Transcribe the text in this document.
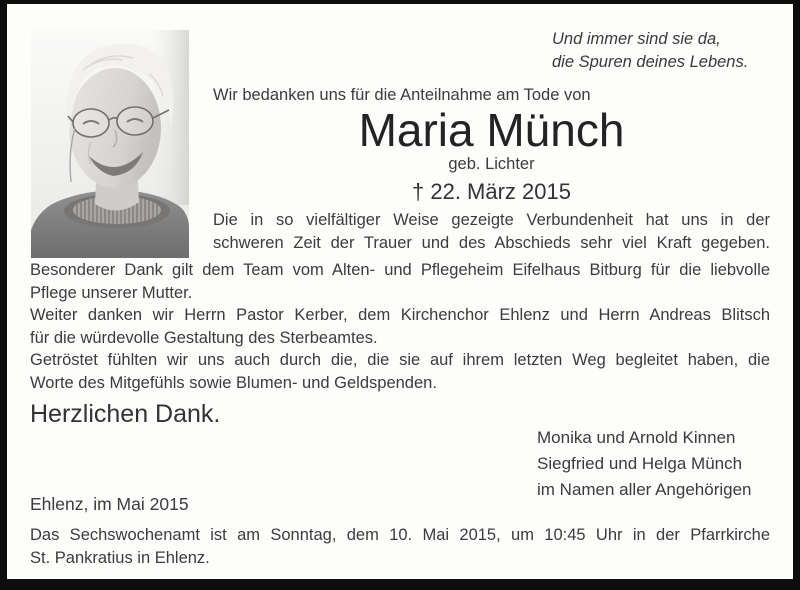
Und immer sind sie da,
die Spuren deines Lebens.
Wir bedanken uns für die Anteilnahme am Tode von
Maria Münch
geb. Lichter
† 22. März 2015
Die in so vielfältiger Weise gezeigte Verbundenheit hat uns in der
schweren Zeit der Trauer und des Abschieds sehr viel Kraft gegeben.
Besonderer Dank gilt dem Team vom Alten- und Pflegeheim Eifelhaus Bitburg für die liebvolle
Pflege unserer Mutter.
Weiter danken wir Herrn Pastor Kerber, dem Kirchenchor Ehlenz und Herrn Andreas Blitsch
für die würdevolle Gestaltung des Sterbeamtes.
Getröstet fühlten wir uns auch durch die, die sie auf ihrem letzten Weg begleitet haben, die
Worte des Mitgefühls sowie Blumen- und Geldspenden.
Herzlichen Dank.
Monika und Arnold Kinnen
Siegfried und Helga Münch
im Namen aller Angehörigen
Ehlenz, im Mai 2015
Das Sechswochenamt ist am Sonntag, dem 10. Mai 2015, um 10:45 Uhr in der Pfarrkirche
St. Pankratius in Ehlenz.
